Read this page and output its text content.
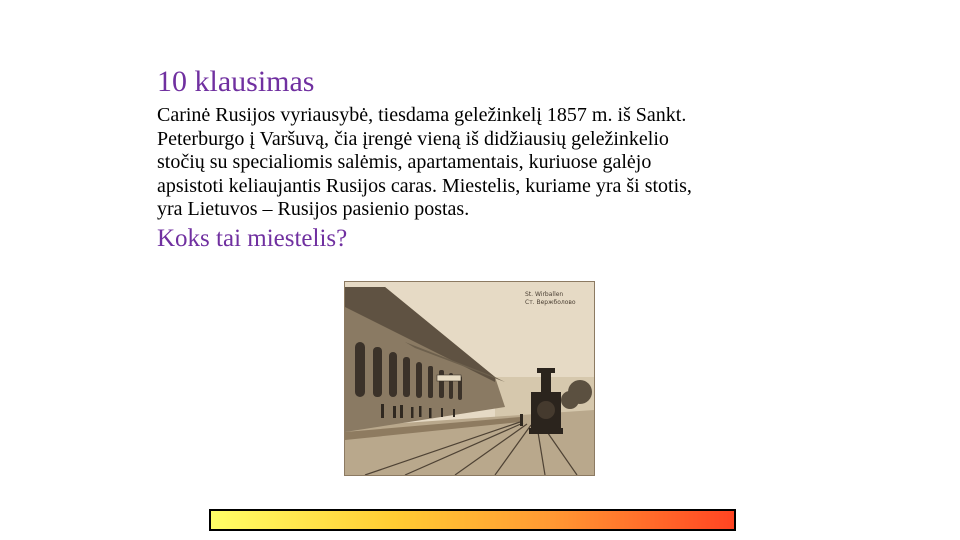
10 klausimas
Carinė Rusijos vyriausybė, tiesdama geležinkelį 1857 m. iš Sankt.
Peterburgo į Varšuvą, čia įrengė vieną iš didžiausių geležinkelio
stočių su specialiomis salėmis, apartamentais, kuriuose galėjo
apsistoti keliaujantis Rusijos caras. Miestelis, kuriame yra ši stotis,
yra Lietuvos – Rusijos pasienio postas.
Koks tai miestelis?
St. Wirballen
Ст. Вержболово
